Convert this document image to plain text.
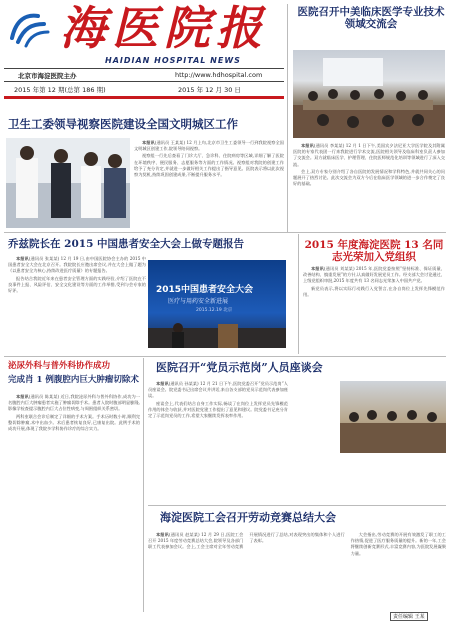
海医院报
HAIDIAN HOSPITAL NEWS
北京市海淀医院主办	http://www.hdhospital.com
2015 年第 12 期(总第 186 期)	2015 年 12 月 30 日
医院召开中美临床医学专业技术领域交流会

本报讯(通讯员 李某某) 12 月 1 日下午,美国宾夕法尼亚大学医学院及其附属医院的专家代表团一行来我院进行学术交流,医院相关领导及临床科室负责人参加了交流会。双方就临床医学、护理管理、住院医师规范化培训等领域进行了深入交流。

会上,双方专家分别介绍了各自医院的发展情况和学科特色,并就共同关心的问题展开了热烈讨论。此次交流会为双方今后在临床医学领域的进一步合作奠定了良好的基础。

卫生工委领导视察医院建设全国文明城区工作

本报讯(通讯员 王某某) 12 月上旬,北京市卫生工委领导一行到我院视察全国文明城区创建工作,院领导陪同视察。

视察组一行先后查看了门诊大厅、急诊科、住院病房等区域,详细了解了医院在环境秩序、便民服务、志愿服务等方面的工作情况。视察组对我院的创建工作给予了充分肯定,并就进一步做好相关工作提出了指导意见。医院表示将以此次视察为契机,持续巩固创建成果,不断提升服务水平。

乔兹院长在 2015 中国患者安全大会上做专题报告

本报讯(通讯员 张某某) 12 月 19 日,由中国医院协会主办的 2015 中国患者安全大会在北京召开。我院院长应邀出席会议,并在大会上做了题为《以患者安全为核心,持续改进医疗质量》的专题报告。

报告结合我院近年来在患者安全管理方面的实践经验,介绍了医院在不良事件上报、风险评估、安全文化建设等方面的工作举措,受到与会专家的好评。	2015中国患者安全大会
医疗与用药安全新进展
2015.12.19 北京
2015 年度海淀医院 13 名同志光荣加入党组织

本报讯(通讯员 刘某某) 2015 年,医院党委按照“坚持标准、保证质量、改善结构、慎重发展”的方针,认真做好发展党员工作。经支部大会讨论通过、上级党组织审批,2015 年度共有 13 名同志光荣加入中国共产党。

新党员表示,将以实际行动践行入党誓言,在各自岗位上发挥先锋模范作用。

泌尿外科与普外科协作成功
完成肖 1 例腹腔内巨大肿瘤切除术

本报讯(通讯员 陈某某) 近日,我院泌尿外科与普外科协作,成功为一名腹腔内巨大肿瘤患者实施了肿瘤切除手术。患者入院时腹部明显膨隆,影像学检查提示腹腔内巨大占位性病变,与周围组织关系密切。

两科室联合会诊后制定了详细的手术方案。手术历时数小时,顺利完整切除肿瘤,术中出血少。术后患者恢复良好,已康复出院。此例手术的成功开展,体现了我院多学科协作诊疗的综合实力。

医院召开“党员示范岗”人员座谈会

本报讯(通讯员 孙某某) 12 月 21 日下午,医院党委召开“党员示范岗”人员座谈会。院党委书记出席会议并讲话,来自各支部的党员示范岗代表参加座谈。

座谈会上,代表们结合自身工作实际,畅谈了在岗位上发挥党员先锋模范作用的体会与收获,并对医院党建工作提出了意见和建议。院党委书记充分肯定了示范岗党员的工作,希望大家继续发挥表率作用。

海淀医院工会召开劳动竞赛总结大会

本报讯(通讯员 赵某某) 12 月 29 日,医院工会召开 2015 年度劳动竞赛总结大会,院领导及各部门职工代表参加会议。会上,工会主席对全年劳动竞赛开展情况进行了总结,对表现突出的集体和个人进行了表彰。

大会指出,劳动竞赛的开展有效激发了职工的工作热情,促进了医疗服务质量的提升。新的一年,工会将继续创新竞赛形式,丰富竞赛内容,为医院发展凝聚力量。

责任编辑 王某
